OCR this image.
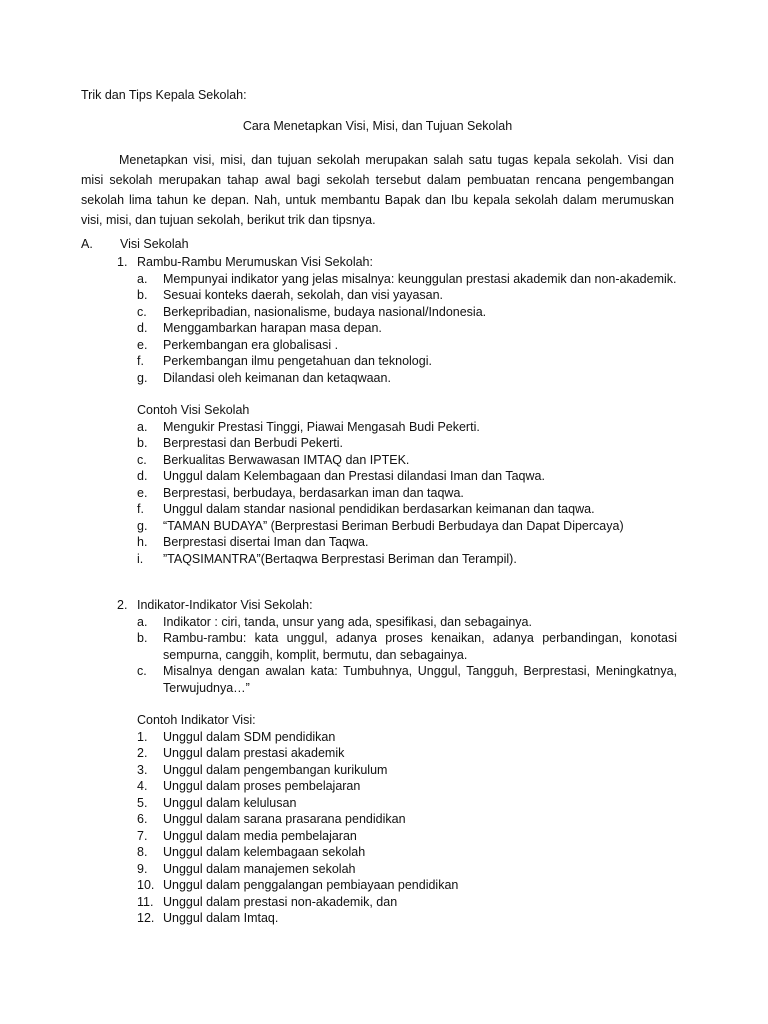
Trik dan Tips Kepala Sekolah:
Cara Menetapkan Visi, Misi, dan Tujuan Sekolah
Menetapkan visi, misi, dan tujuan sekolah merupakan salah satu tugas kepala sekolah. Visi dan misi sekolah merupakan tahap awal bagi sekolah tersebut dalam pembuatan rencana pengembangan sekolah lima tahun ke depan. Nah, untuk membantu Bapak dan Ibu kepala sekolah dalam merumuskan visi, misi, dan tujuan sekolah, berikut trik dan tipsnya.
A. Visi Sekolah
1. Rambu-Rambu Merumuskan Visi Sekolah:
a. Mempunyai indikator yang jelas misalnya: keunggulan prestasi akademik dan non-akademik.
b. Sesuai konteks daerah, sekolah, dan visi yayasan.
c. Berkepribadian, nasionalisme, budaya nasional/Indonesia.
d. Menggambarkan harapan masa depan.
e. Perkembangan era globalisasi .
f. Perkembangan ilmu pengetahuan dan teknologi.
g. Dilandasi oleh keimanan dan ketaqwaan.
Contoh Visi Sekolah
a. Mengukir Prestasi Tinggi, Piawai Mengasah Budi Pekerti.
b. Berprestasi dan Berbudi Pekerti.
c. Berkualitas Berwawasan IMTAQ dan IPTEK.
d. Unggul dalam Kelembagaan dan Prestasi dilandasi Iman dan Taqwa.
e. Berprestasi, berbudaya, berdasarkan iman dan taqwa.
f. Unggul dalam standar nasional pendidikan berdasarkan keimanan dan taqwa.
g. “TAMAN BUDAYA” (Berprestasi Beriman Berbudi Berbudaya dan Dapat Dipercaya)
h. Berprestasi disertai Iman dan Taqwa.
i. ”TAQSIMANTRA”(Bertaqwa Berprestasi Beriman dan Terampil).
2. Indikator-Indikator Visi Sekolah:
a. Indikator : ciri, tanda, unsur yang ada, spesifikasi, dan sebagainya.
b. Rambu-rambu: kata unggul, adanya proses kenaikan, adanya perbandingan, konotasi sempurna, canggih, komplit, bermutu, dan sebagainya.
c. Misalnya dengan awalan kata: Tumbuhnya, Unggul, Tangguh, Berprestasi, Meningkatnya, Terwujudnya…”
Contoh Indikator Visi:
1. Unggul dalam SDM pendidikan
2. Unggul dalam prestasi akademik
3. Unggul dalam pengembangan kurikulum
4. Unggul dalam proses pembelajaran
5. Unggul dalam kelulusan
6. Unggul dalam sarana prasarana pendidikan
7. Unggul dalam media pembelajaran
8. Unggul dalam kelembagaan sekolah
9. Unggul dalam manajemen sekolah
10. Unggul dalam penggalangan pembiayaan pendidikan
11. Unggul dalam prestasi non-akademik, dan
12. Unggul dalam Imtaq.
